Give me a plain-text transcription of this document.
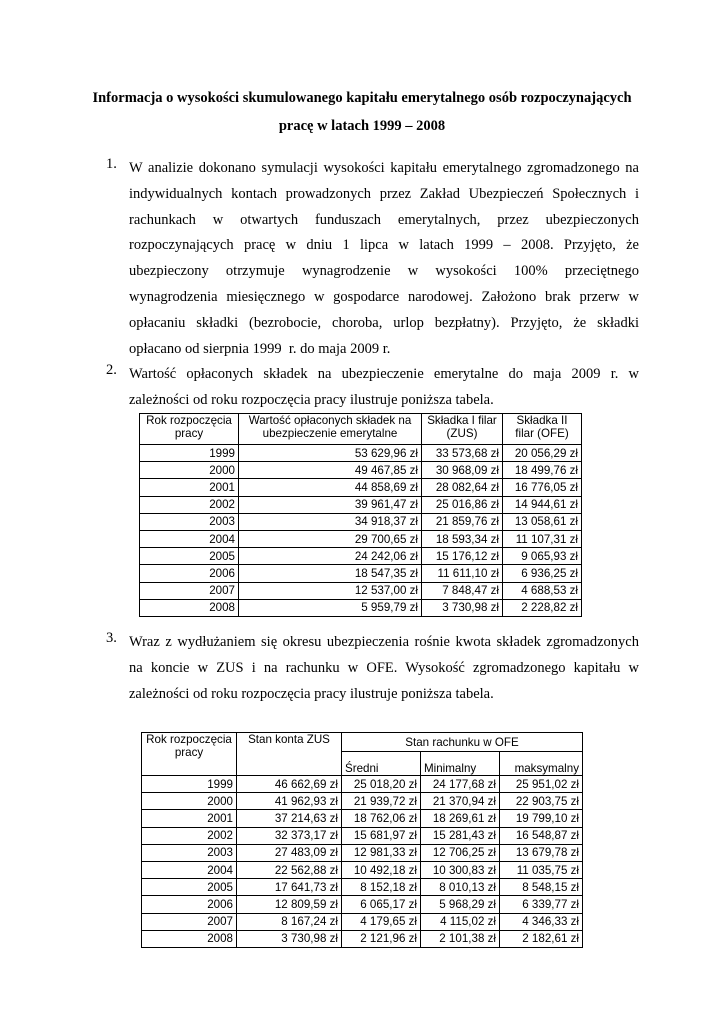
Informacja o wysokości skumulowanego kapitału emerytalnego osób rozpoczynających
pracę w latach 1999 – 2008
1. W analizie dokonano symulacji wysokości kapitału emerytalnego zgromadzonego na
indywidualnych kontach prowadzonych przez Zakład Ubezpieczeń Społecznych i
rachunkach w otwartych funduszach emerytalnych, przez ubezpieczonych
rozpoczynających pracę w dniu 1 lipca w latach 1999 – 2008. Przyjęto, że
ubezpieczony otrzymuje wynagrodzenie w wysokości 100% przeciętnego
wynagrodzenia miesięcznego w gospodarce narodowej. Założono brak przerw w
opłacaniu składki (bezrobocie, choroba, urlop bezpłatny). Przyjęto, że składki
opłacano od sierpnia 1999  r. do maja 2009 r.
2. Wartość opłaconych składek na ubezpieczenie emerytalne do maja 2009 r. w
zależności od roku rozpoczęcia pracy ilustruje poniższa tabela.
Rok rozpoczęcia pracy	Wartość opłaconych składek na ubezpieczenie emerytalne	Składka I filar (ZUS)	Składka II filar (OFE)
1999	53 629,96 zł	33 573,68 zł	20 056,29 zł
2000	49 467,85 zł	30 968,09 zł	18 499,76 zł
2001	44 858,69 zł	28 082,64 zł	16 776,05 zł
2002	39 961,47 zł	25 016,86 zł	14 944,61 zł
2003	34 918,37 zł	21 859,76 zł	13 058,61 zł
2004	29 700,65 zł	18 593,34 zł	11 107,31 zł
2005	24 242,06 zł	15 176,12 zł	9 065,93 zł
2006	18 547,35 zł	11 611,10 zł	6 936,25 zł
2007	12 537,00 zł	7 848,47 zł	4 688,53 zł
2008	5 959,79 zł	3 730,98 zł	2 228,82 zł
3. Wraz z wydłużaniem się okresu ubezpieczenia rośnie kwota składek zgromadzonych
na koncie w ZUS i na rachunku w OFE. Wysokość zgromadzonego kapitału w
zależności od roku rozpoczęcia pracy ilustruje poniższa tabela.
Rok rozpoczęcia pracy	Stan konta ZUS	Stan rachunku w OFE		
		Średni	Minimalny	maksymalny
1999	46 662,69 zł	25 018,20 zł	24 177,68 zł	25 951,02 zł
2000	41 962,93 zł	21 939,72 zł	21 370,94 zł	22 903,75 zł
2001	37 214,63 zł	18 762,06 zł	18 269,61 zł	19 799,10 zł
2002	32 373,17 zł	15 681,97 zł	15 281,43 zł	16 548,87 zł
2003	27 483,09 zł	12 981,33 zł	12 706,25 zł	13 679,78 zł
2004	22 562,88 zł	10 492,18 zł	10 300,83 zł	11 035,75 zł
2005	17 641,73 zł	8 152,18 zł	8 010,13 zł	8 548,15 zł
2006	12 809,59 zł	6 065,17 zł	5 968,29 zł	6 339,77 zł
2007	8 167,24 zł	4 179,65 zł	4 115,02 zł	4 346,33 zł
2008	3 730,98 zł	2 121,96 zł	2 101,38 zł	2 182,61 zł
